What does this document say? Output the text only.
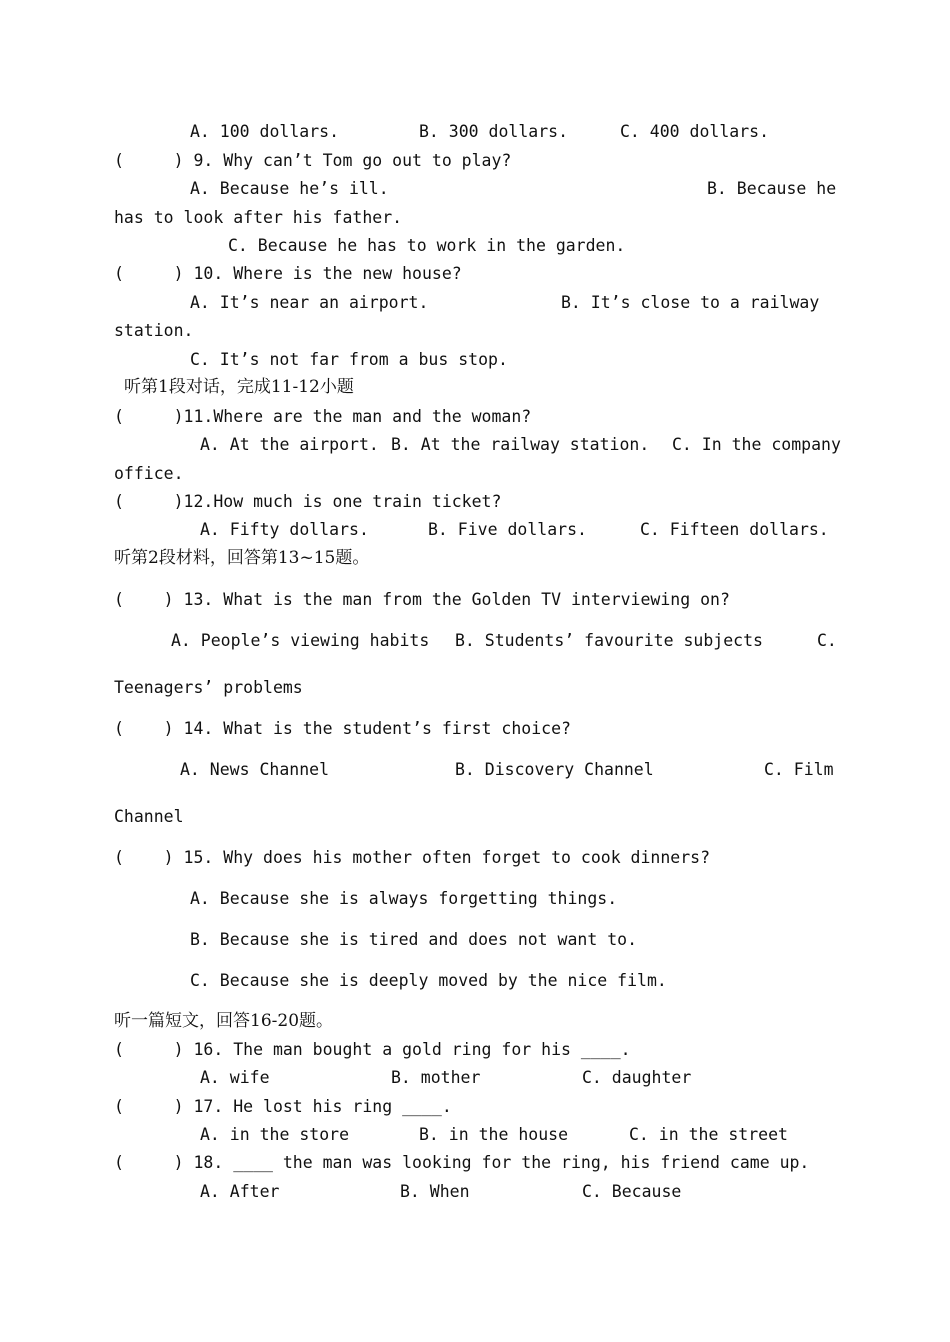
A. 100 dollars.	B. 300 dollars.	C. 400 dollars.
(     ) 9. Why can’t Tom go out to play?
A. Because he’s ill.	B. Because he
has to look after his father.
C. Because he has to work in the garden.
(     ) 10. Where is the new house?
A. It’s near an airport.	B. It’s close to a railway
station.
C. It’s not far from a bus stop.
听第1段对话，完成11-12小题
(     )11.Where are the man and the woman?
A. At the airport. B. At the railway station. C. In the company
office.
(     )12.How much is one train ticket?
A. Fifty dollars.	B. Five dollars.	C. Fifteen dollars.
听第2段材料，回答第13~15题。
(    ) 13. What is the man from the Golden TV interviewing on?
A. People’s viewing habits B. Students’ favourite subjects	C.
Teenagers’ problems
(    ) 14. What is the student’s first choice?
A. News Channel	B. Discovery Channel	C. Film
Channel
(    ) 15. Why does his mother often forget to cook dinners?
A. Because she is always forgetting things.
B. Because she is tired and does not want to.
C. Because she is deeply moved by the nice film.
听一篇短文，回答16-20题。
(     ) 16. The man bought a gold ring for his ____.
A. wife	B. mother	C. daughter
(     ) 17. He lost his ring ____.
A. in the store	B. in the house	C. in the street
(     ) 18. ____ the man was looking for the ring, his friend came up.
A. After	B. When	C. Because
